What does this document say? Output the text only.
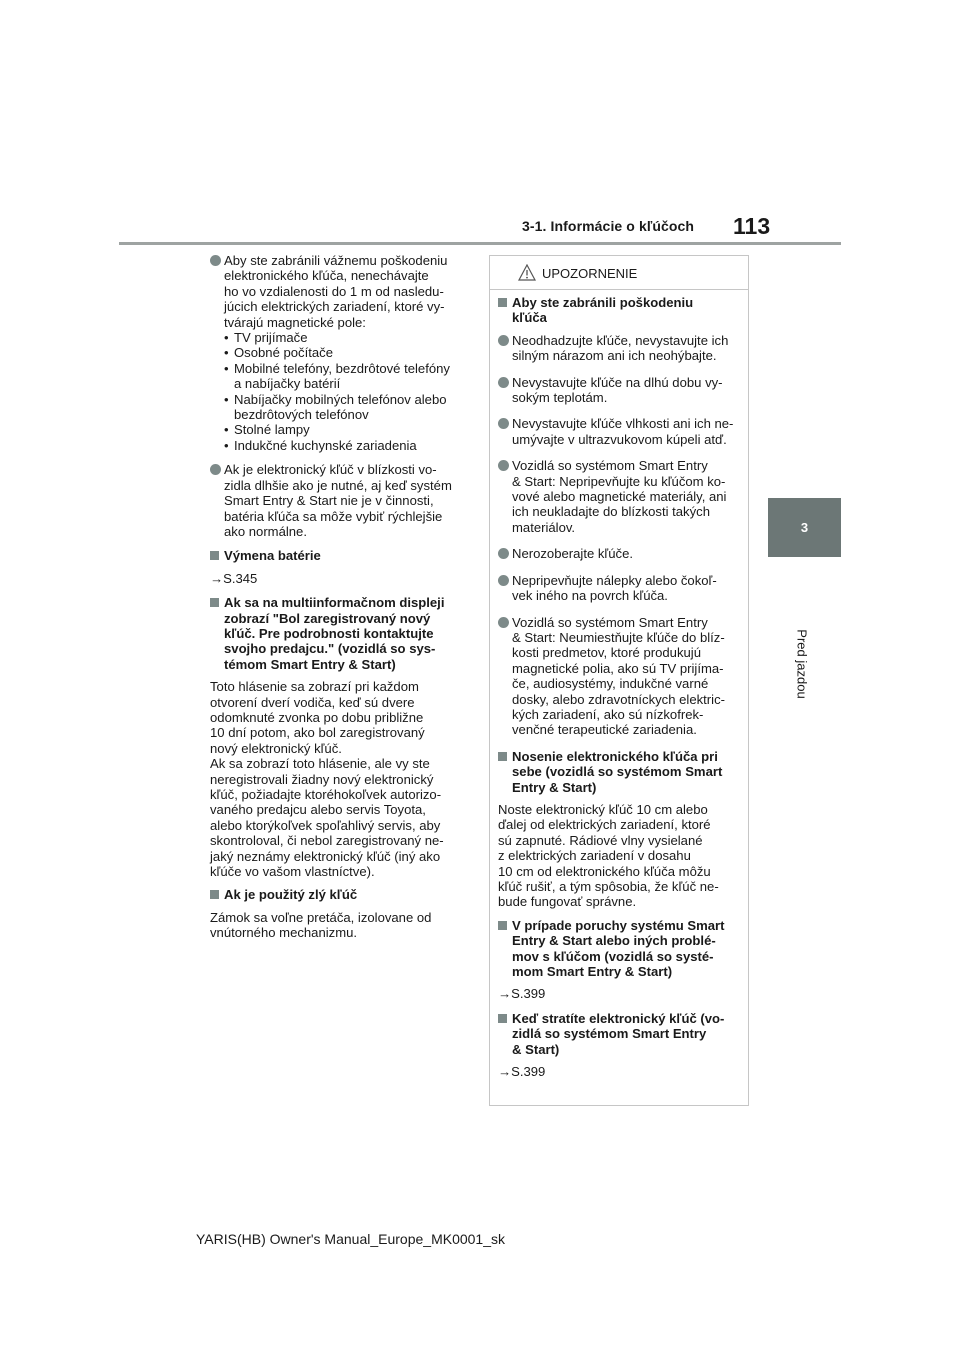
3-1. Informácie o kľúčoch 113
3
Pred jazdou
Aby ste zabránili vážnemu poškodeniu
elektronického kľúča, nenechávajte
ho vo vzdialenosti do 1 m od nasledu-
júcich elektrických zariadení, ktoré vy-
tvárajú magnetické pole:
• TV prijímače
• Osobné počítače
• Mobilné telefóny, bezdrôtové telefóny
a nabíjačky batérií
• Nabíjačky mobilných telefónov alebo
bezdrôtových telefónov
• Stolné lampy
• Indukčné kuchynské zariadenia
Ak je elektronický kľúč v blízkosti vo-
zidla dlhšie ako je nutné, aj keď systém
Smart Entry & Start nie je v činnosti,
batéria kľúča sa môže vybiť rýchlejšie
ako normálne.
Výmena batérie
→S.345
Ak sa na multiinformačnom displeji
zobrazí "Bol zaregistrovaný nový
kľúč. Pre podrobnosti kontaktujte
svojho predajcu." (vozidlá so sys-
témom Smart Entry & Start)
Toto hlásenie sa zobrazí pri každom
otvorení dverí vodiča, keď sú dvere
odomknuté zvonka po dobu približne
10 dní potom, ako bol zaregistrovaný
nový elektronický kľúč.
Ak sa zobrazí toto hlásenie, ale vy ste
neregistrovali žiadny nový elektronický
kľúč, požiadajte ktoréhokoľvek autorizo-
vaného predajcu alebo servis Toyota,
alebo ktorýkoľvek spoľahlivý servis, aby
skontroloval, či nebol zaregistrovaný ne-
jaký neznámy elektronický kľúč (iný ako
kľúče vo vašom vlastníctve).
Ak je použitý zlý kľúč
Zámok sa voľne pretáča, izolovane od
vnútorného mechanizmu.
UPOZORNENIE
Aby ste zabránili poškodeniu
kľúča
Neodhadzujte kľúče, nevystavujte ich
silným nárazom ani ich neohýbajte.
Nevystavujte kľúče na dlhú dobu vy-
sokým teplotám.
Nevystavujte kľúče vlhkosti ani ich ne-
umývajte v ultrazvukovom kúpeli atď.
Vozidlá so systémom Smart Entry
& Start: Nepripevňujte ku kľúčom ko-
vové alebo magnetické materiály, ani
ich neukladajte do blízkosti takých
materiálov.
Nerozoberajte kľúče.
Nepripevňujte nálepky alebo čokoľ-
vek iného na povrch kľúča.
Vozidlá so systémom Smart Entry
& Start: Neumiestňujte kľúče do blíz-
kosti predmetov, ktoré produkujú
magnetické polia, ako sú TV prijíma-
če, audiosystémy, indukčné varné
dosky, alebo zdravotníckych elektric-
kých zariadení, ako sú nízkofrek-
venčné terapeutické zariadenia.
Nosenie elektronického kľúča pri
sebe (vozidlá so systémom Smart
Entry & Start)
Noste elektronický kľúč 10 cm alebo
ďalej od elektrických zariadení, ktoré
sú zapnuté. Rádiové vlny vysielané
z elektrických zariadení v dosahu
10 cm od elektronického kľúča môžu
kľúč rušiť, a tým spôsobia, že kľúč ne-
bude fungovať správne.
V prípade poruchy systému Smart
Entry & Start alebo iných problé-
mov s kľúčom (vozidlá so systé-
mom Smart Entry & Start)
→S.399
Keď stratíte elektronický kľúč (vo-
zidlá so systémom Smart Entry
& Start)
→S.399
YARIS(HB) Owner's Manual_Europe_MK0001_sk
